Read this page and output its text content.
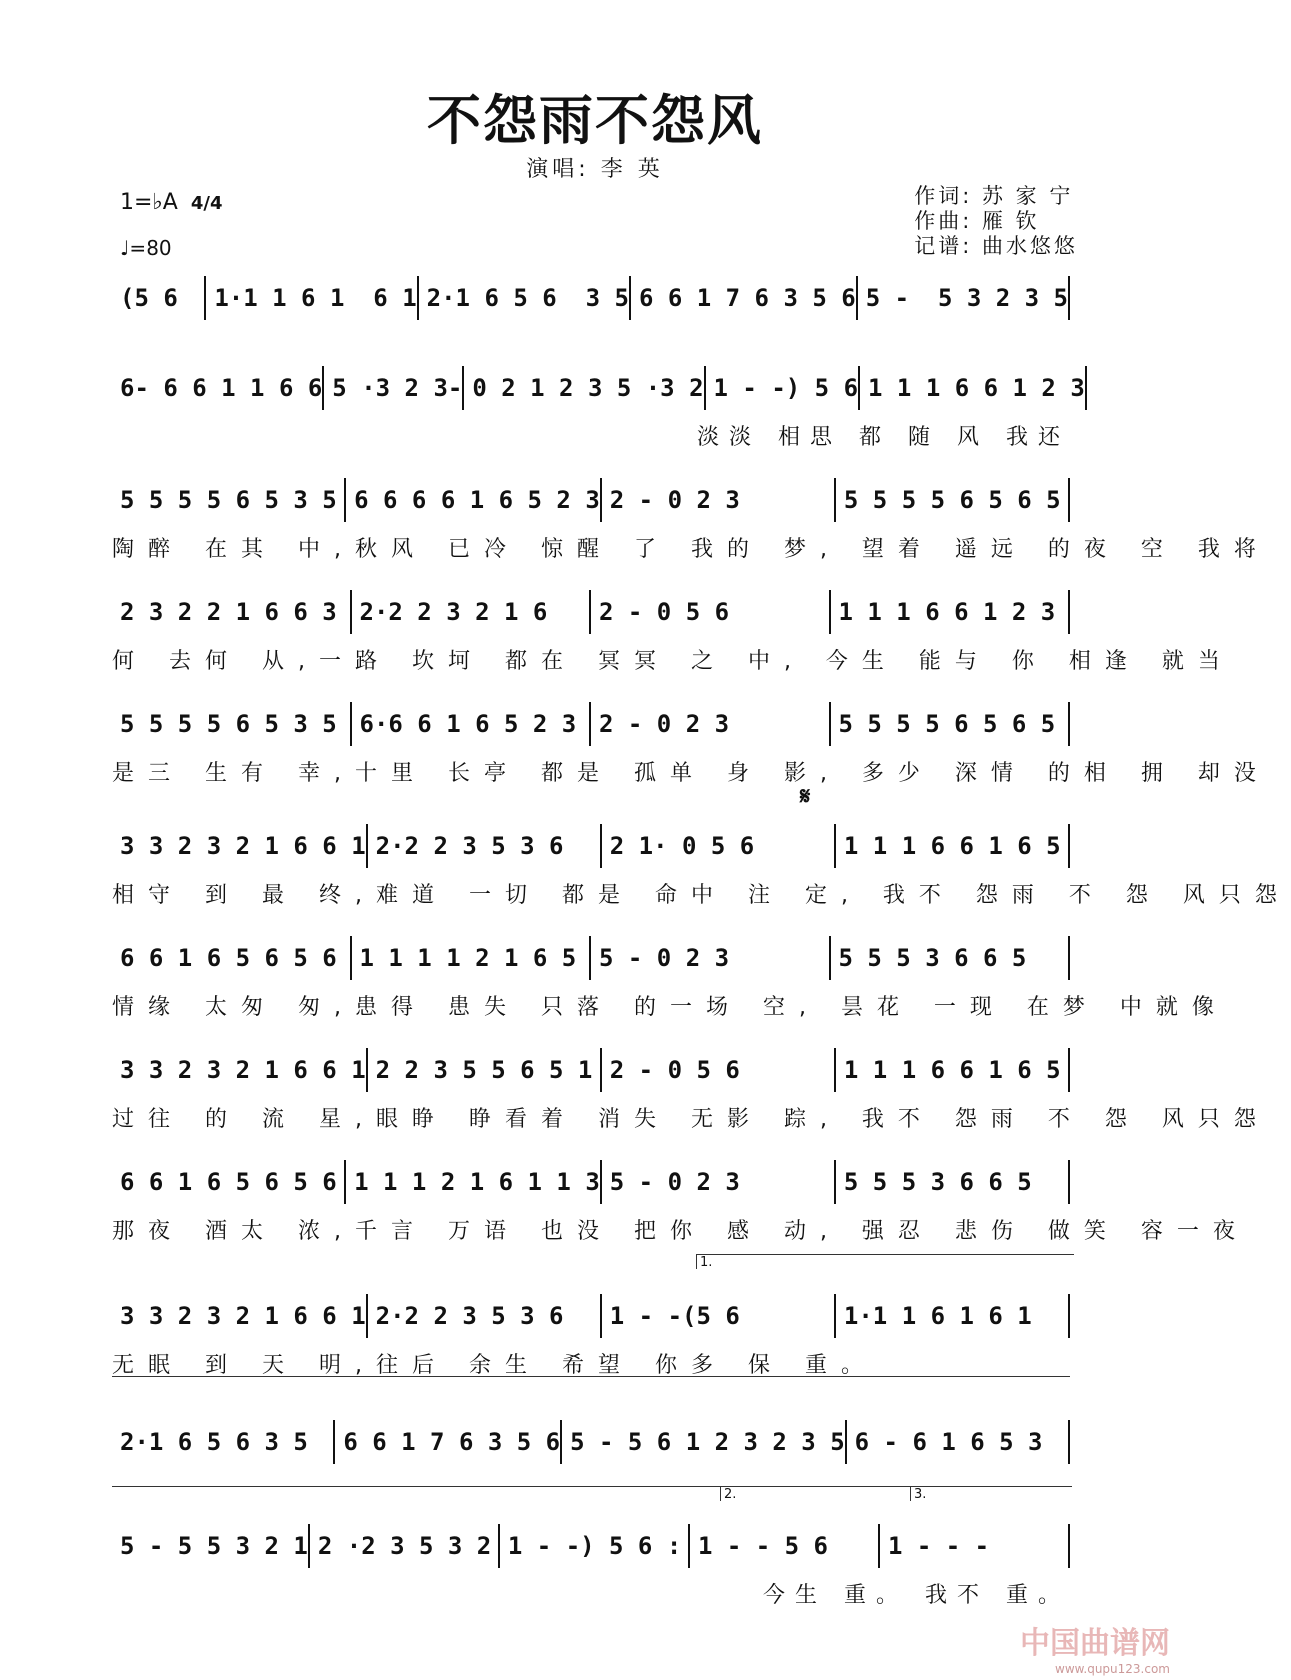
不怨雨不怨风
演唱: 李 英
1=♭A 4/4
♩=80
作词: 苏 家 宁
作曲: 雁 钦
记谱: 曲水悠悠
(5 6	1·1 1 6 1  6 1 2·1 6 5 6  3 5 6 6 1 7 6 3 5 6 5 -  5 3 2 3 5
6- 6 6 1 1 6 6 5 ·3 2 3- 0 2 1 2 3 5 ·3 2 1 - -) 5 6 1 1 1 6 6 1 2 3
淡淡 相思 都 随 风 我还
5 5 5 5 6 5 3 5 6 6 6 6 1 6 5 2 3 2 - 0 2 3	5 5 5 5 6 5 6 5
陶醉 在其 中,秋风 已冷 惊醒 了 我的 梦, 望着 遥远 的夜 空 我将
2 3 2 2 1 6 6 3 2·2 2 3 2 1 6	2 - 0 5 6	1 1 1 6 6 1 2 3
何 去何 从,一路 坎坷 都在 冥冥 之 中, 今生 能与 你 相逢 就当
5 5 5 5 6 5 3 5 6·6 6 1 6 5 2 3 2 - 0 2 3	5 5 5 5 6 5 6 5
是三 生有 幸,十里 长亭 都是 孤单 身 影, 多少 深情 的相 拥 却没
3 3 2 3 2 1 6 6 1 2·2 2 3 5 3 6	2 1· 0 5 6	1 1 1 6 6 1 6 5
相守 到 最 终,难道 一切 都是 命中 注 定, 我不 怨雨 不 怨 风只怨
6 6 1 6 5 6 5 6 1 1 1 1 2 1 6 5 5 - 0 2 3	5 5 5 3 6 6 5
情缘 太匆 匆,患得 患失 只落 的一场 空, 昙花 一现 在梦 中就像
3 3 2 3 2 1 6 6 1 2 2 3 5 5 6 5 1 2 - 0 5 6	1 1 1 6 6 1 6 5
过往 的 流 星,眼睁 睁看着 消失 无影 踪, 我不 怨雨 不 怨 风只怨
6 6 1 6 5 6 5 6 1 1 1 2 1 6 1 1 3 5 - 0 2 3	5 5 5 3 6 6 5
那夜 酒太 浓,千言 万语 也没 把你 感 动, 强忍 悲伤 做笑 容一夜
3 3 2 3 2 1 6 6 1 2·2 2 3 5 3 6	1 - -(5 6	1·1 1 6 1 6 1
无眠 到 天 明,往后 余生 希望 你多 保 重。
2·1 6 5 6 3 5	6 6 1 7 6 3 5 6 5 - 5 6 1 2 3 2 3 5 6 - 6 1 6 5 3
5 - 5 5 3 2 1 2 ·2 3 5 3 2 1 - -) 5 6 : 1 - - 5 6	1 - - -
今生 重。 我不 重。
1.
2.	3.
𝄋
中国曲谱网
www.qupu123.com
